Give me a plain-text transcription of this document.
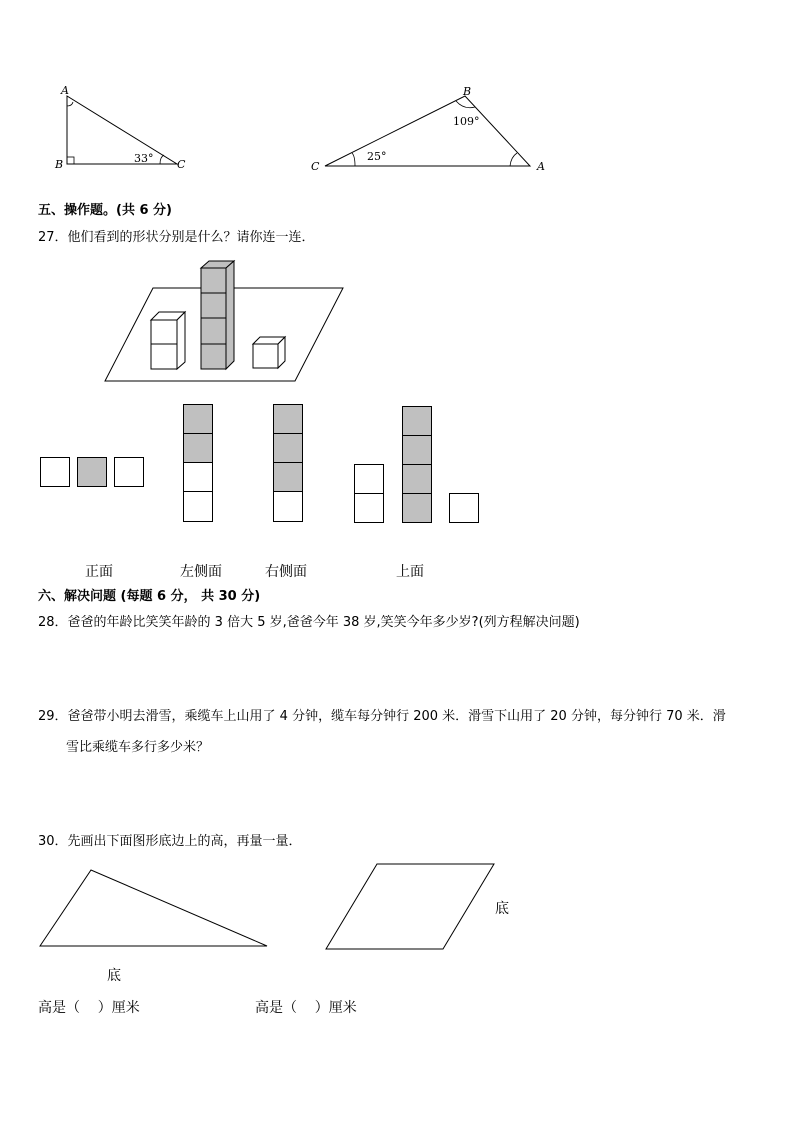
A
B	C
33°
B
C	A
109°
25°
五、操作题。(共 6 分)
27．他们看到的形状分别是什么？请你连一连．
正面	左侧面	右侧面	上面
六、解决问题 (每题 6 分， 共 30 分)
28．爸爸的年龄比笑笑年龄的 3 倍大 5 岁,爸爸今年 38 岁,笑笑今年多少岁?(列方程解决问题)
29．爸爸带小明去滑雪，乘缆车上山用了 4 分钟，缆车每分钟行 200 米．滑雪下山用了 20 分钟，每分钟行 70 米．滑
雪比乘缆车多行多少米？
30．先画出下面图形底边上的高，再量一量．
底
底
高是（    ）厘米	高是（    ）厘米
